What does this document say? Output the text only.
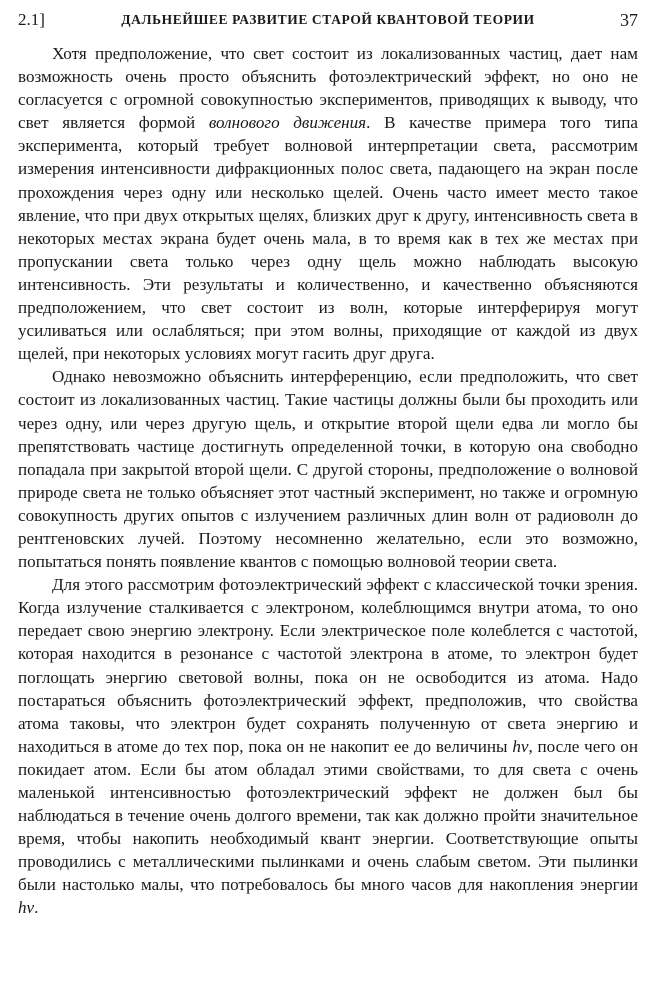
2.1]	ДАЛЬНЕЙШЕЕ РАЗВИТИЕ СТАРОЙ КВАНТОВОЙ ТЕОРИИ	37

Хотя предположение, что свет состоит из локализованных частиц, дает нам возможность очень просто объяснить фотоэлектрический эффект, но оно не согласуется с огромной совокупностью экспериментов, приводящих к выводу, что свет является формой волнового движения. В качестве примера того типа эксперимента, который требует волновой интерпретации света, рассмотрим измерения интенсивности дифракционных полос света, падающего на экран после прохождения через одну или несколько щелей. Очень часто имеет место такое явление, что при двух открытых щелях, близких друг к другу, интенсивность света в некоторых местах экрана будет очень мала, в то время как в тех же местах при пропускании света только через одну щель можно наблюдать высокую интенсивность. Эти результаты и количественно, и качественно объясняются предположением, что свет состоит из волн, которые интерферируя могут усиливаться или ослабляться; при этом волны, приходящие от каждой из двух щелей, при некоторых условиях могут гасить друг друга.

Однако невозможно объяснить интерференцию, если предположить, что свет состоит из локализованных частиц. Такие частицы должны были бы проходить или через одну, или через другую щель, и открытие второй щели едва ли могло бы препятствовать частице достигнуть определенной точки, в которую она свободно попадала при закрытой второй щели. С другой стороны, предположение о волновой природе света не только объясняет этот частный эксперимент, но также и огромную совокупность других опытов с излучением различных длин волн от радиоволн до рентгеновских лучей. Поэтому несомненно желательно, если это возможно, попытаться понять появление квантов с помощью волновой теории света.

Для этого рассмотрим фотоэлектрический эффект с классической точки зрения. Когда излучение сталкивается с электроном, колеблющимся внутри атома, то оно передает свою энергию электрону. Если электрическое поле колеблется с частотой, которая находится в резонансе с частотой электрона в атоме, то электрон будет поглощать энергию световой волны, пока он не освободится из атома. Надо постараться объяснить фотоэлектрический эффект, предположив, что свойства атома таковы, что электрон будет сохранять полученную от света энергию и находиться в атоме до тех пор, пока он не накопит ее до величины hν, после чего он покидает атом. Если бы атом обладал этими свойствами, то для света с очень маленькой интенсивностью фотоэлектрический эффект не должен был бы наблюдаться в течение очень долгого времени, так как должно пройти значительное время, чтобы накопить необходимый квант энергии. Соответствующие опыты проводились с металлическими пылинками и очень слабым светом. Эти пылинки были настолько малы, что потребовалось бы много часов для накопления энергии hν.
